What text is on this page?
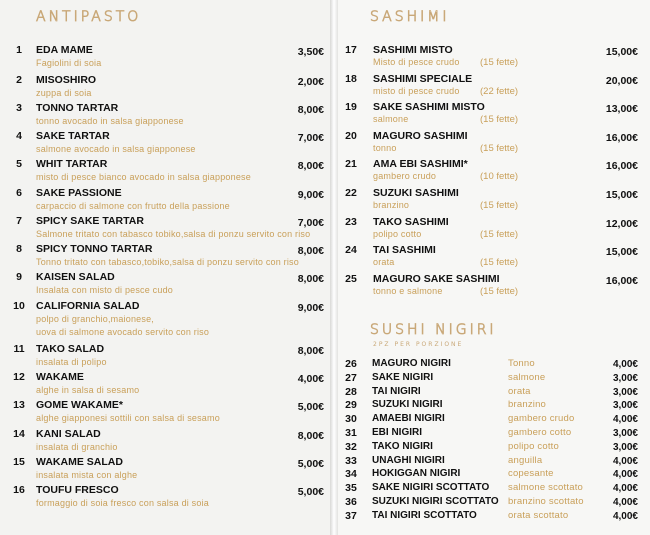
ANTIPASTO
1	EDA MAME
Fagiolini di soia
3,50€
2	MISOSHIRO
zuppa di soia
2,00€
3	TONNO TARTAR
tonno avocado in salsa giapponese
8,00€
4	SAKE TARTAR
salmone avocado in salsa giapponese
7,00€
5	WHIT TARTAR
misto di pesce bianco avocado in salsa giapponese
8,00€
6	SAKE PASSIONE
carpaccio di salmone con frutto della passione
9,00€
7	SPICY SAKE TARTAR
Salmone tritato con tabasco tobiko,salsa di ponzu servito con riso
7,00€
8	SPICY TONNO TARTAR
Tonno tritato con tabasco,tobiko,salsa di ponzu servito con riso
8,00€
9	KAISEN SALAD
Insalata con misto di pesce cudo
8,00€
10	CALIFORNIA SALAD
polpo di granchio,maionese,
uova di salmone avocado servito con riso
9,00€
11	TAKO SALAD
insalata di polipo
8,00€
12	WAKAME
alghe in salsa di sesamo
4,00€
13	GOME WAKAME*
alghe giapponesi sottili con salsa di sesamo
5,00€
14	KANI SALAD
insalata di granchio
8,00€
15	WAKAME SALAD
insalata mista con alghe
5,00€
16	TOUFU FRESCO
formaggio di soia fresco con salsa di soia
5,00€
SASHIMI
17	SASHIMI MISTO
Misto di pesce crudo (15 fette)
15,00€
18	SASHIMI SPECIALE
misto di pesce crudo (22 fette)
20,00€
19	SAKE SASHIMI MISTO
salmone	(15 fette)
13,00€
20	MAGURO SASHIMI
tonno	(15 fette)
16,00€
21	AMA EBI SASHIMI*
gambero crudo	(10 fette)
16,00€
22	SUZUKI SASHIMI
branzino	(15 fette)
15,00€
23	TAKO SASHIMI
polipo cotto	(15 fette)
12,00€
24	TAI SASHIMI
orata	(15 fette)
15,00€
25	MAGURO SAKE SASHIMI
tonno e salmone	(15 fette)
16,00€
SUSHI NIGIRI
2PZ PER PORZIONE
26	MAGURO NIGIRI	Tonno	4,00€
27	SAKE NIGIRI	salmone	3,00€
28	TAI NIGIRI	orata	3,00€
29	SUZUKI NIGIRI	branzino	3,00€
30	AMAEBI NIGIRI	gambero crudo	4,00€
31	EBI NIGIRI	gambero cotto	3,00€
32	TAKO NIGIRI	polipo cotto	3,00€
33	UNAGHI NIGIRI	anguilla	4,00€
34	HOKIGGAN NIGIRI	copesante	4,00€
35	SAKE NIGIRI SCOTTATO salmone scottato	4,00€
36	SUZUKI NIGIRI SCOTTATO branzino scottato	4,00€
37	TAI NIGIRI SCOTTATO	orata scottato	4,00€
